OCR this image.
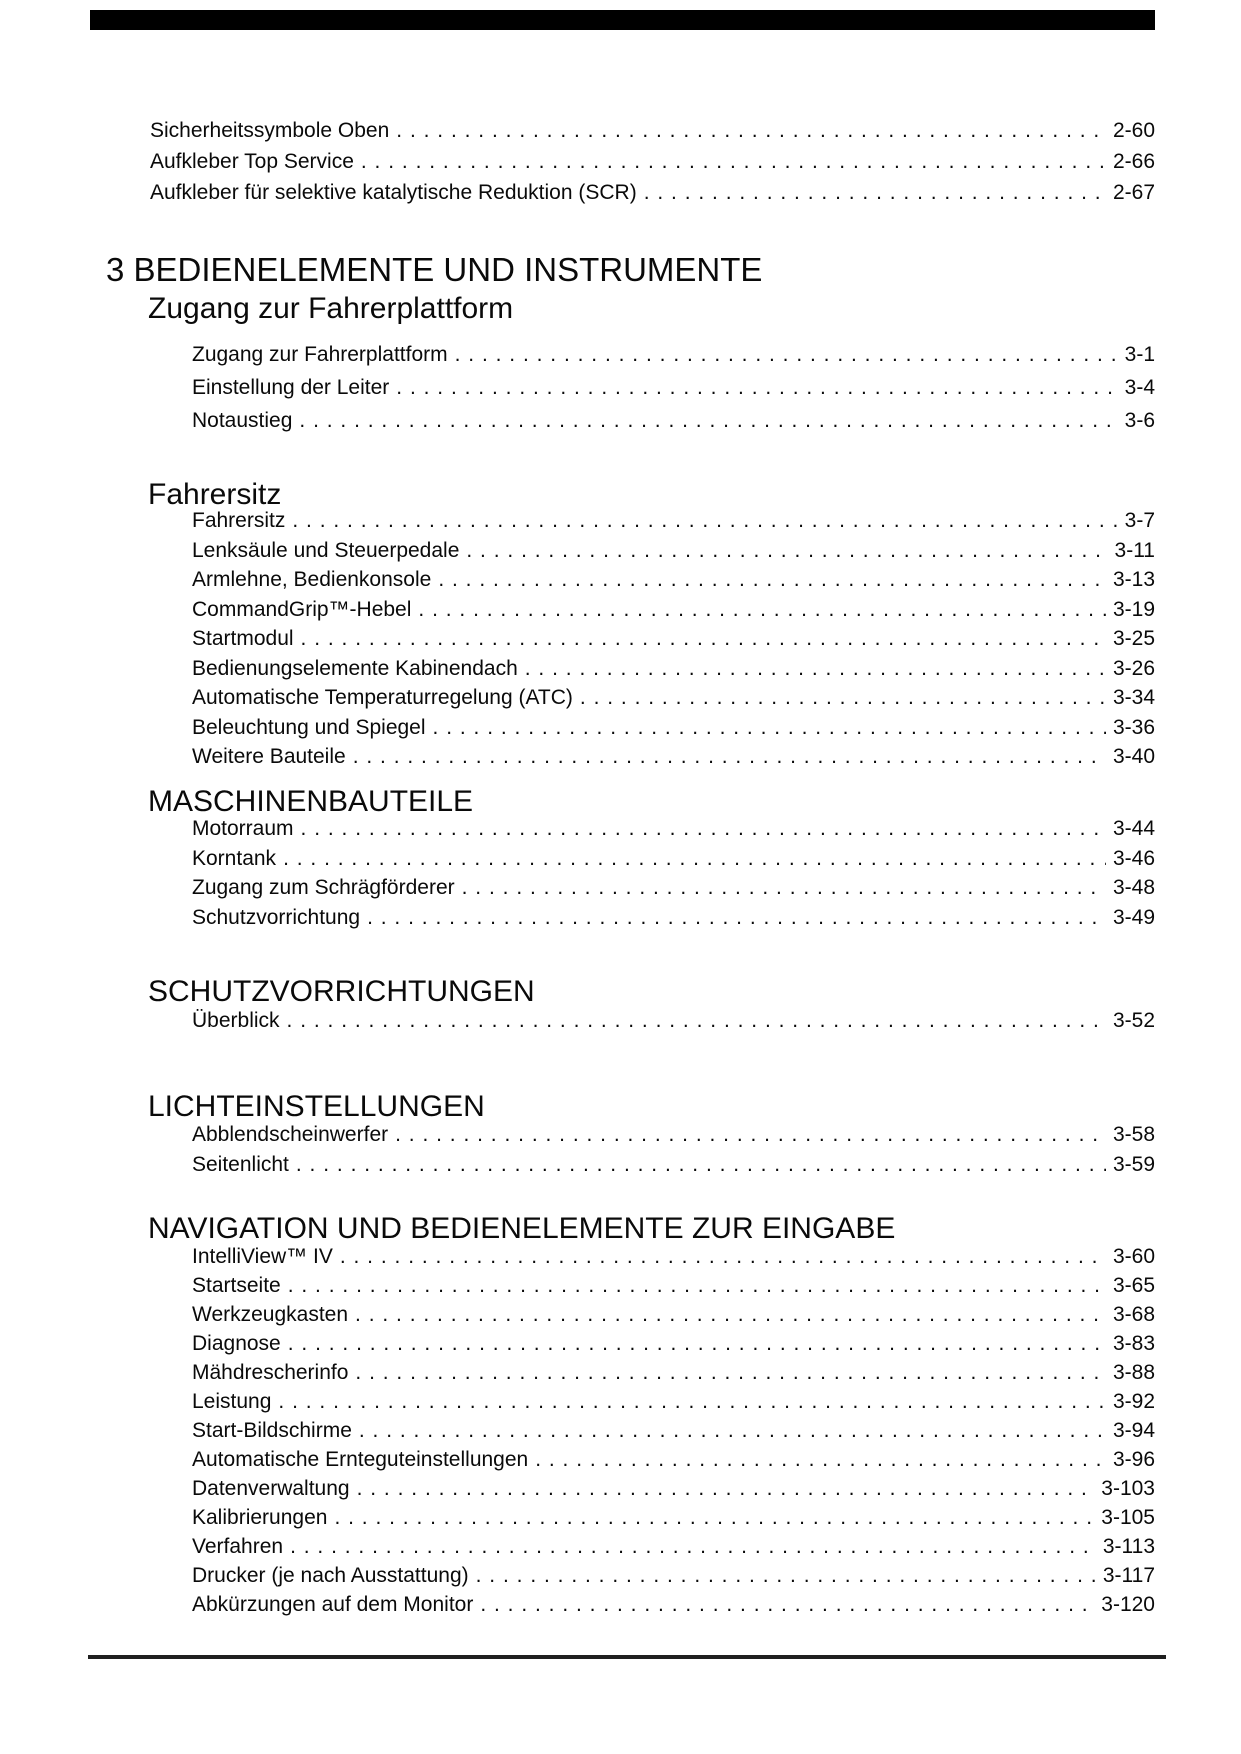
Sicherheitssymbole Oben . . .	2-60
Aufkleber Top Service . . .	2-66
Aufkleber für selektive katalytische Reduktion (SCR) . . .	2-67
3 BEDIENELEMENTE UND INSTRUMENTE
Zugang zur Fahrerplattform
Zugang zur Fahrerplattform . . .	3-1
Einstellung der Leiter . . .	3-4
Notaustieg . . .	3-6
Fahrersitz
Fahrersitz . . .	3-7
Lenksäule und Steuerpedale . . .	3-11
Armlehne, Bedienkonsole . . .	3-13
CommandGrip™-Hebel . . .	3-19
Startmodul . . .	3-25
Bedienungselemente Kabinendach . . .	3-26
Automatische Temperaturregelung (ATC) . . .	3-34
Beleuchtung und Spiegel . . .	3-36
Weitere Bauteile . . .	3-40
MASCHINENBAUTEILE
Motorraum . . .	3-44
Korntank . . .	3-46
Zugang zum Schrägförderer . . .	3-48
Schutzvorrichtung . . .	3-49
SCHUTZVORRICHTUNGEN
Überblick . . .	3-52
LICHTEINSTELLUNGEN
Abblendscheinwerfer . . .	3-58
Seitenlicht . . .	3-59
NAVIGATION UND BEDIENELEMENTE ZUR EINGABE
IntelliView™ IV . . .	3-60
Startseite . . .	3-65
Werkzeugkasten . . .	3-68
Diagnose . . .	3-83
Mähdrescherinfo . . .	3-88
Leistung . . .	3-92
Start-Bildschirme . . .	3-94
Automatische Ernteguteinstellungen . . .	3-96
Datenverwaltung . . .	3-103
Kalibrierungen . . .	3-105
Verfahren . . .	3-113
Drucker (je nach Ausstattung) . . .	3-117
Abkürzungen auf dem Monitor . . .	3-120
